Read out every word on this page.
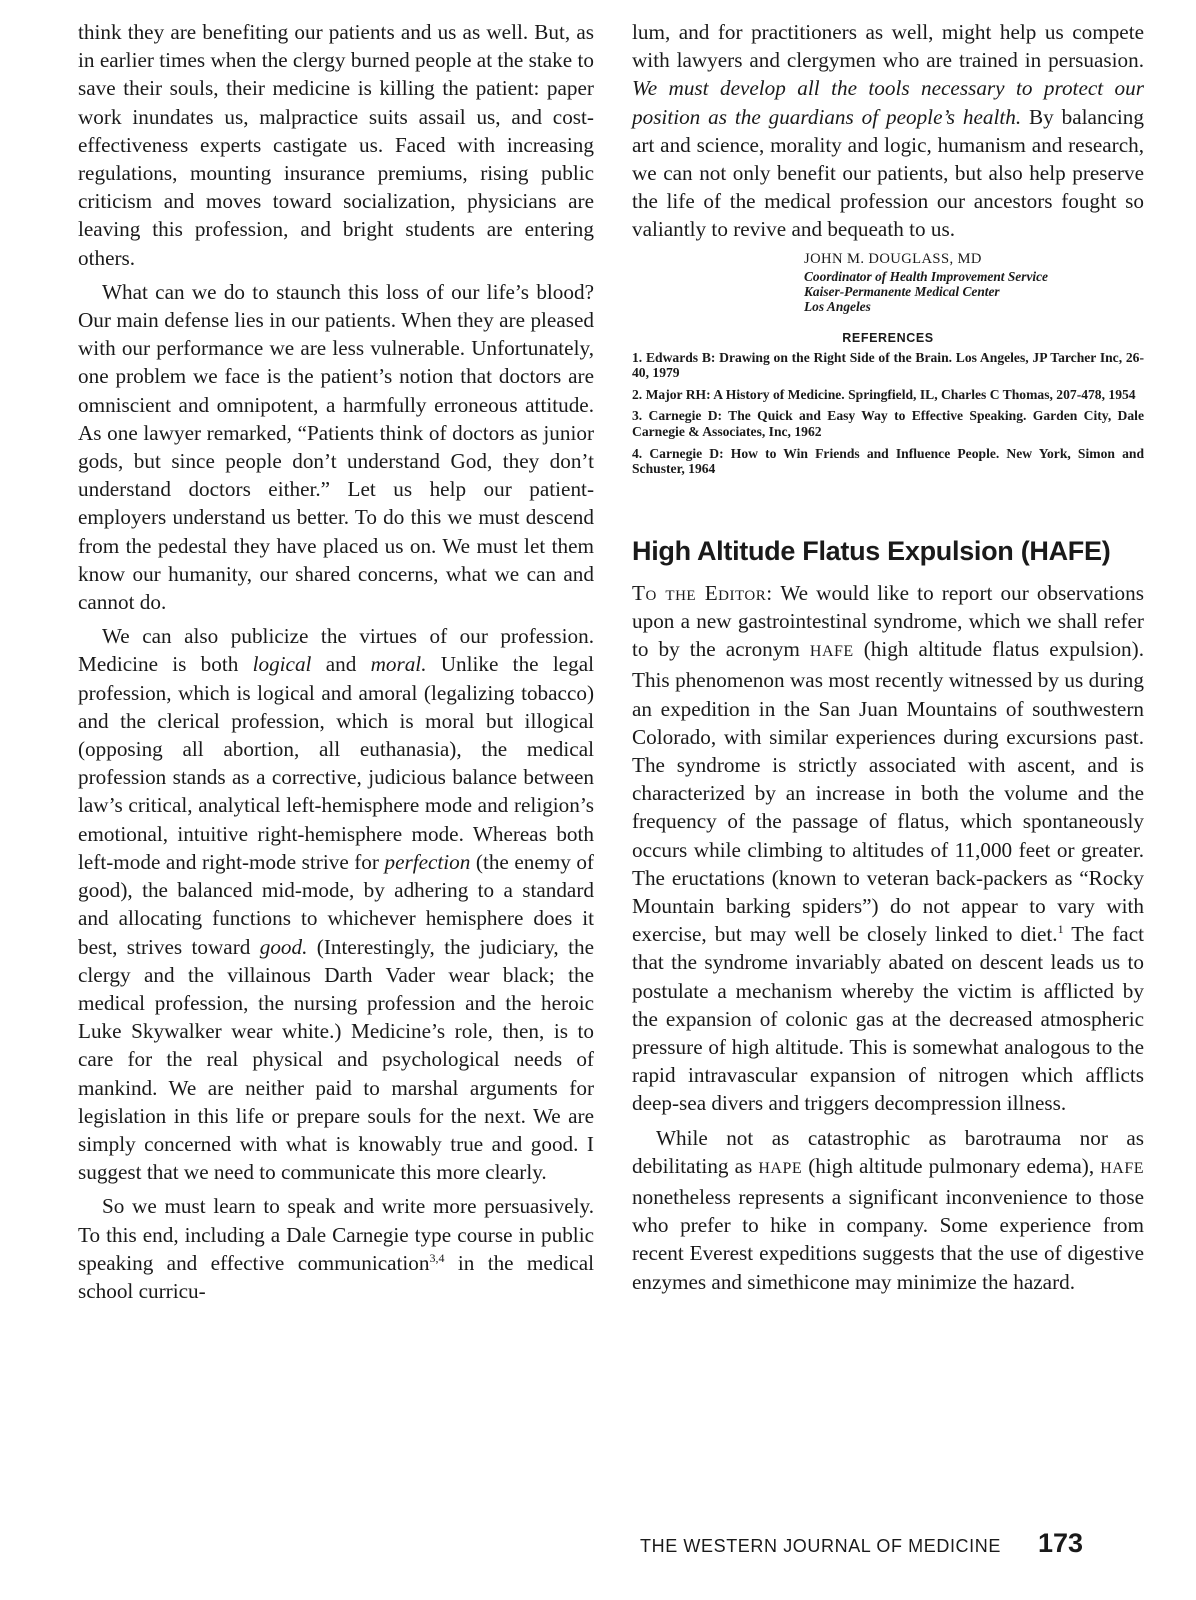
think they are benefiting our patients and us as well. But, as in earlier times when the clergy burned people at the stake to save their souls, their medicine is killing the patient: paper work inundates us, malpractice suits assail us, and cost-effectiveness experts castigate us. Faced with increasing regulations, mounting insurance premiums, rising public criticism and moves toward socialization, physicians are leaving this profession, and bright students are entering others.

What can we do to staunch this loss of our life’s blood? Our main defense lies in our patients. When they are pleased with our performance we are less vulnerable. Unfortunately, one problem we face is the patient’s notion that doctors are omniscient and omnipotent, a harmfully erroneous attitude. As one lawyer remarked, “Patients think of doctors as junior gods, but since people don’t understand God, they don’t understand doctors either.” Let us help our patient-employers understand us better. To do this we must descend from the pedestal they have placed us on. We must let them know our humanity, our shared concerns, what we can and cannot do.

We can also publicize the virtues of our profession. Medicine is both logical and moral. Unlike the legal profession, which is logical and amoral (legalizing tobacco) and the clerical profession, which is moral but illogical (opposing all abortion, all euthanasia), the medical profession stands as a corrective, judicious balance between law’s critical, analytical left-hemisphere mode and religion’s emotional, intuitive right-hemisphere mode. Whereas both left-mode and right-mode strive for perfection (the enemy of good), the balanced mid-mode, by adhering to a standard and allocating functions to whichever hemisphere does it best, strives toward good. (Interestingly, the judiciary, the clergy and the villainous Darth Vader wear black; the medical profession, the nursing profession and the heroic Luke Skywalker wear white.) Medicine’s role, then, is to care for the real physical and psychological needs of mankind. We are neither paid to marshal arguments for legislation in this life or prepare souls for the next. We are simply concerned with what is knowably true and good. I suggest that we need to communicate this more clearly.

So we must learn to speak and write more persuasively. To this end, including a Dale Carnegie type course in public speaking and effective communication$^{3,4}$ in the medical school curricu-

lum, and for practitioners as well, might help us compete with lawyers and clergymen who are trained in persuasion. We must develop all the tools necessary to protect our position as the guardians of people’s health. By balancing art and science, morality and logic, humanism and research, we can not only benefit our patients, but also help preserve the life of the medical profession our ancestors fought so valiantly to revive and bequeath to us.

JOHN M. DOUGLASS, MD
Coordinator of Health Improvement Service
Kaiser-Permanente Medical Center
Los Angeles
REFERENCES

1. Edwards B: Drawing on the Right Side of the Brain. Los Angeles, JP Tarcher Inc, 26-40, 1979

2. Major RH: A History of Medicine. Springfield, IL, Charles C Thomas, 207-478, 1954

3. Carnegie D: The Quick and Easy Way to Effective Speaking. Garden City, Dale Carnegie & Associates, Inc, 1962

4. Carnegie D: How to Win Friends and Influence People. New York, Simon and Schuster, 1964

High Altitude Flatus Expulsion (HAFE)

To the Editor: We would like to report our observations upon a new gastrointestinal syndrome, which we shall refer to by the acronym HAFE (high altitude flatus expulsion). This phenomenon was most recently witnessed by us during an expedition in the San Juan Mountains of southwestern Colorado, with similar experiences during excursions past. The syndrome is strictly associated with ascent, and is characterized by an increase in both the volume and the frequency of the passage of flatus, which spontaneously occurs while climbing to altitudes of 11,000 feet or greater. The eructations (known to veteran back-packers as “Rocky Mountain barking spiders”) do not appear to vary with exercise, but may well be closely linked to diet.$^1$ The fact that the syndrome invariably abated on descent leads us to postulate a mechanism whereby the victim is afflicted by the expansion of colonic gas at the decreased atmospheric pressure of high altitude. This is somewhat analogous to the rapid intravascular expansion of nitrogen which afflicts deep-sea divers and triggers decompression illness.

While not as catastrophic as barotrauma nor as debilitating as HAPE (high altitude pulmonary edema), HAFE nonetheless represents a significant inconvenience to those who prefer to hike in company. Some experience from recent Everest expeditions suggests that the use of digestive enzymes and simethicone may minimize the hazard.

THE WESTERN JOURNAL OF MEDICINE 173
